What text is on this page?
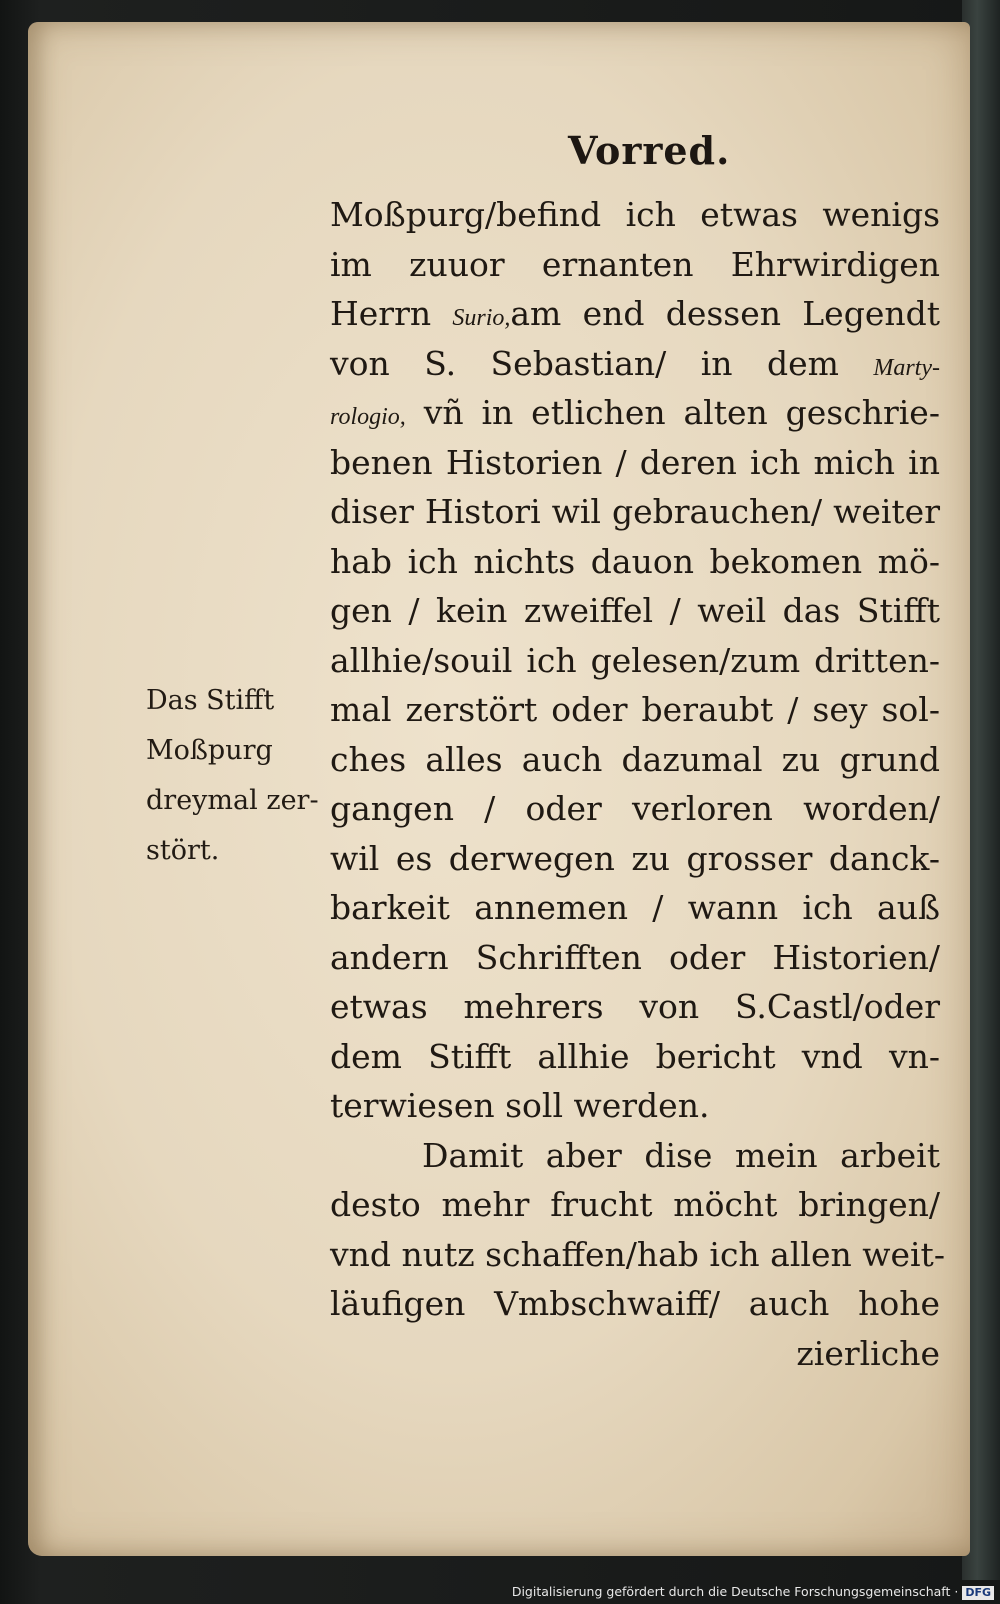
Vorred.
Moßpurg/befind ich etwas wenigs
im zuuor ernanten Ehrwirdigen
Herrn Surio,am end dessen Legendt
von S. Sebastian/ in dem Marty-
rologio, vñ in etlichen alten geschrie-
benen Historien / deren ich mich in
diser Histori wil gebrauchen/ weiter
hab ich nichts dauon bekomen mö-
gen / kein zweiffel / weil das Stifft
allhie/souil ich gelesen/zum dritten-
mal zerstört oder beraubt / sey sol-
ches alles auch dazumal zu grund
gangen / oder verloren worden/
wil es derwegen zu grosser danck-
barkeit annemen / wann ich auß
andern Schrifften oder Historien/
etwas mehrers von S.Castl/oder
dem Stifft allhie bericht vnd vn-
terwiesen soll werden.
Damit aber dise mein arbeit
desto mehr frucht möcht bringen/
vnd nutz schaffen/hab ich allen weit-
läufigen Vmbschwaiff/ auch hohe
zierliche
Das Stifft
Moßpurg
dreymal zer-
stört.
Digitalisierung gefördert durch die Deutsche Forschungsgemeinschaft · DFG
